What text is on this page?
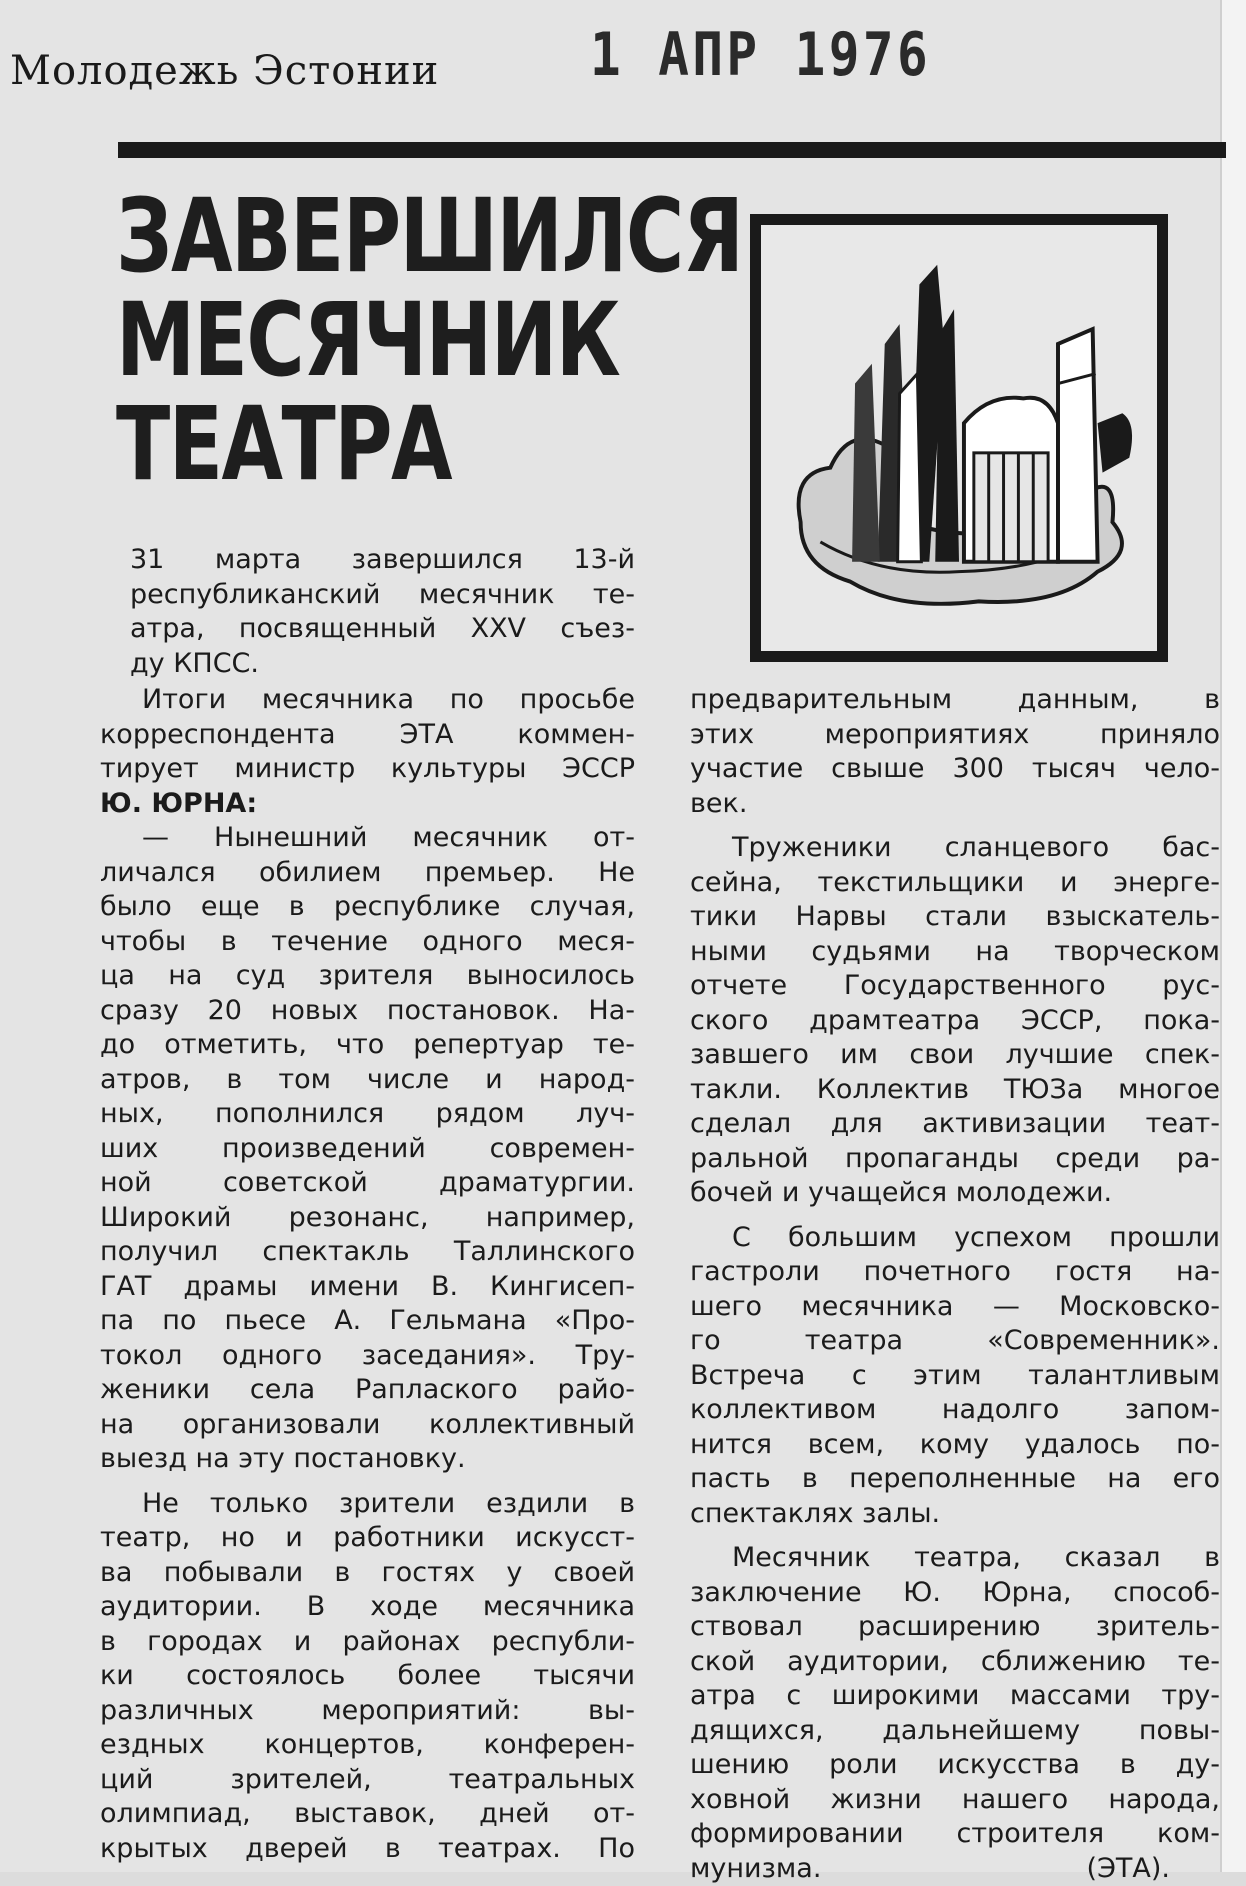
Молодежь Эстонии	1 АПР 1976
ЗАВЕРШИЛСЯ
МЕСЯЧНИК
ТЕАТРА
31 марта завершился 13-й
республиканский месячник те-
атра, посвященный XXV съез-
ду КПСС.
Итоги месячника по просьбе
корреспондента ЭТА коммен-
тирует министр культуры ЭССР
Ю. ЮРНА:
— Нынешний месячник от-
личался обилием премьер. Не
было еще в республике случая,
чтобы в течение одного меся-
ца на суд зрителя выносилось
сразу 20 новых постановок. На-
до отметить, что репертуар те-
атров, в том числе и народ-
ных, пополнился рядом луч-
ших произведений современ-
ной советской драматургии.
Широкий резонанс, например,
получил спектакль Таллинского
ГАТ драмы имени В. Кингисеп-
па по пьесе А. Гельмана «Про-
токол одного заседания». Тру-
женики села Раплаского райо-
на организовали коллективный
выезд на эту постановку.
Не только зрители ездили в
театр, но и работники искусст-
ва побывали в гостях у своей
аудитории. В ходе месячника
в городах и районах республи-
ки состоялось более тысячи
различных мероприятий: вы-
ездных концертов, конферен-
ций зрителей, театральных
олимпиад, выставок, дней от-
крытых дверей в театрах. По
предварительным данным, в
этих мероприятиях приняло
участие свыше 300 тысяч чело-
век.
Труженики сланцевого бас-
сейна, текстильщики и энерге-
тики Нарвы стали взыскатель-
ными судьями на творческом
отчете Государственного рус-
ского драмтеатра ЭССР, пока-
завшего им свои лучшие спек-
такли. Коллектив ТЮЗа многое
сделал для активизации теат-
ральной пропаганды среди ра-
бочей и учащейся молодежи.
С большим успехом прошли
гастроли почетного гостя на-
шего месячника — Московско-
го театра «Современник».
Встреча с этим талантливым
коллективом надолго запом-
нится всем, кому удалось по-
пасть в переполненные на его
спектаклях залы.
Месячник театра, сказал в
заключение Ю. Юрна, способ-
ствовал расширению зритель-
ской аудитории, сближению те-
атра с широкими массами тру-
дящихся, дальнейшему повы-
шению роли искусства в ду-
ховной жизни нашего народа,
формировании строителя ком-
мунизма.	(ЭТА).
